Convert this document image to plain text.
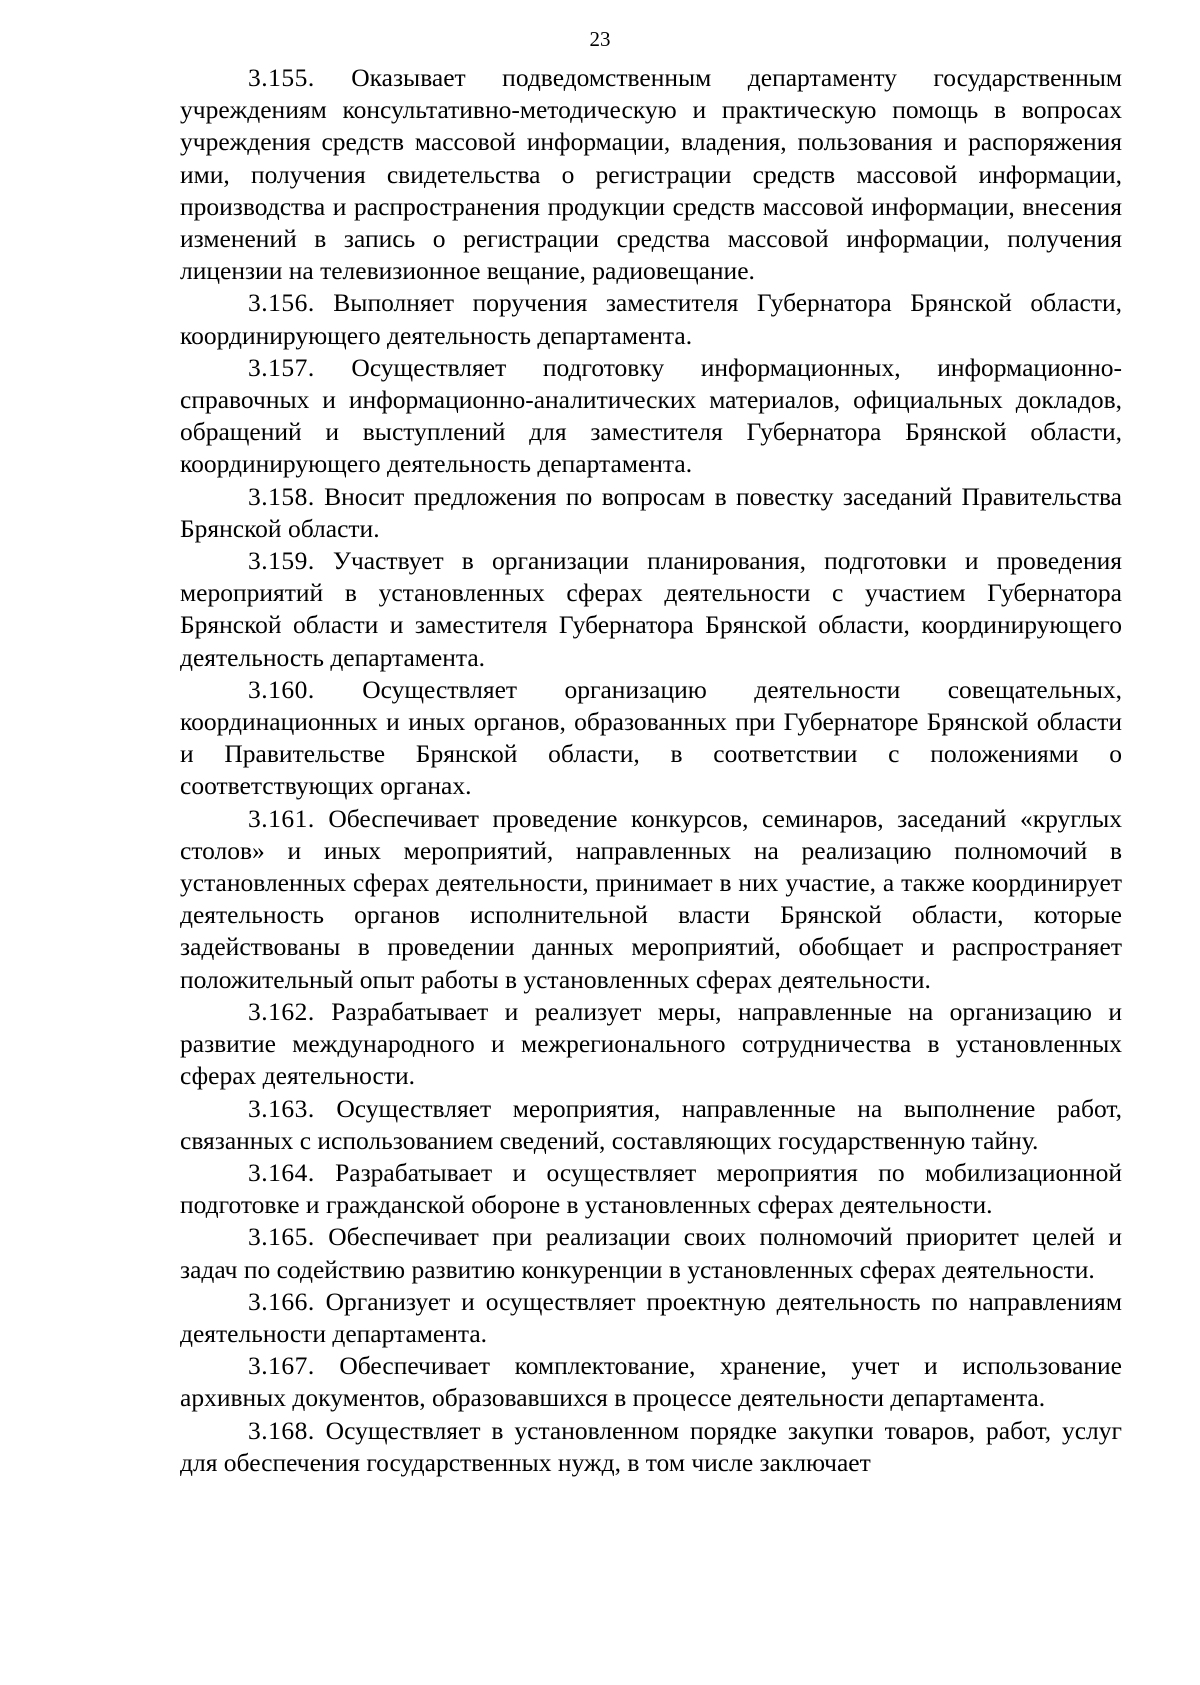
23

3.155. Оказывает подведомственным департаменту государственным учреждениям консультативно-методическую и практическую помощь в вопросах учреждения средств массовой информации, владения, пользования и распоряжения ими, получения свидетельства о регистрации средств массовой информации, производства и распространения продукции средств массовой информации, внесения изменений в запись о регистрации средства массовой информации, получения лицензии на телевизионное вещание, радиовещание.

3.156. Выполняет поручения заместителя Губернатора Брянской области, координирующего деятельность департамента.

3.157. Осуществляет подготовку информационных, информационно-справочных и информационно-аналитических материалов, официальных докладов, обращений и выступлений для заместителя Губернатора Брянской области, координирующего деятельность департамента.

3.158. Вносит предложения по вопросам в повестку заседаний Правительства Брянской области.

3.159. Участвует в организации планирования, подготовки и проведения мероприятий в установленных сферах деятельности с участием Губернатора Брянской области и заместителя Губернатора Брянской области, координирующего деятельность департамента.

3.160. Осуществляет организацию деятельности совещательных, координационных и иных органов, образованных при Губернаторе Брянской области и Правительстве Брянской области, в соответствии с положениями о соответствующих органах.

3.161. Обеспечивает проведение конкурсов, семинаров, заседаний «круглых столов» и иных мероприятий, направленных на реализацию полномочий в установленных сферах деятельности, принимает в них участие, а также координирует деятельность органов исполнительной власти Брянской области, которые задействованы в проведении данных мероприятий, обобщает и распространяет положительный опыт работы в установленных сферах деятельности.

3.162. Разрабатывает и реализует меры, направленные на организацию и развитие международного и межрегионального сотрудничества в установленных сферах деятельности.

3.163. Осуществляет мероприятия, направленные на выполнение работ, связанных с использованием сведений, составляющих государственную тайну.

3.164. Разрабатывает и осуществляет мероприятия по мобилизационной подготовке и гражданской обороне в установленных сферах деятельности.

3.165. Обеспечивает при реализации своих полномочий приоритет целей и задач по содействию развитию конкуренции в установленных сферах деятельности.

3.166. Организует и осуществляет проектную деятельность по направлениям деятельности департамента.

3.167. Обеспечивает комплектование, хранение, учет и использование архивных документов, образовавшихся в процессе деятельности департамента.

3.168. Осуществляет в установленном порядке закупки товаров, работ, услуг для обеспечения государственных нужд, в том числе заключает
